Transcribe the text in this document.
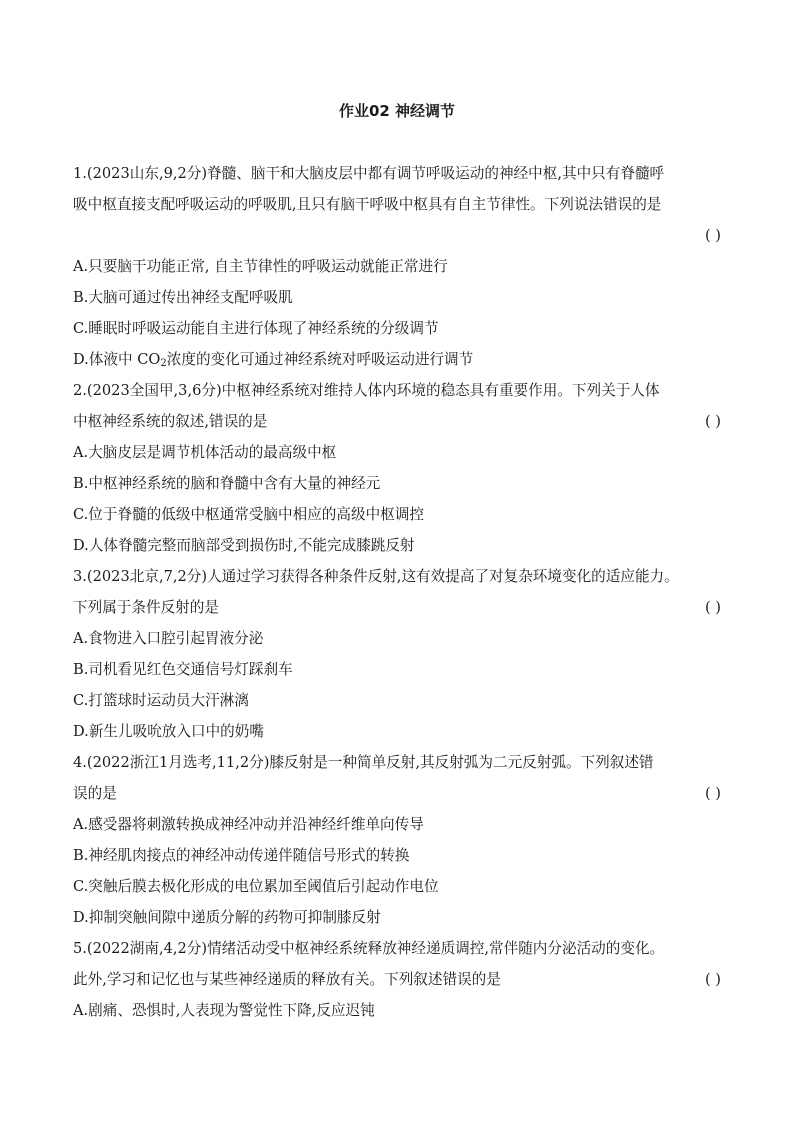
作业02 神经调节
1.(2023山东,9,2分)脊髓、脑干和大脑皮层中都有调节呼吸运动的神经中枢,其中只有脊髓呼
吸中枢直接支配呼吸运动的呼吸肌,且只有脑干呼吸中枢具有自主节律性。下列说法错误的是
( )
A.只要脑干功能正常, 自主节律性的呼吸运动就能正常进行
B.大脑可通过传出神经支配呼吸肌
C.睡眠时呼吸运动能自主进行体现了神经系统的分级调节
D.体液中 $CO_2$浓度的变化可通过神经系统对呼吸运动进行调节
2.(2023全国甲,3,6分)中枢神经系统对维持人体内环境的稳态具有重要作用。下列关于人体
中枢神经系统的叙述,错误的是	( )
A.大脑皮层是调节机体活动的最高级中枢
B.中枢神经系统的脑和脊髓中含有大量的神经元
C.位于脊髓的低级中枢通常受脑中相应的高级中枢调控
D.人体脊髓完整而脑部受到损伤时,不能完成膝跳反射
3.(2023北京,7,2分)人通过学习获得各种条件反射,这有效提高了对复杂环境变化的适应能力。
下列属于条件反射的是	( )
A.食物进入口腔引起胃液分泌
B.司机看见红色交通信号灯踩刹车
C.打篮球时运动员大汗淋漓
D.新生儿吸吮放入口中的奶嘴
4.(2022浙江1月选考,11,2分)膝反射是一种简单反射,其反射弧为二元反射弧。下列叙述错
误的是	( )
A.感受器将刺激转换成神经冲动并沿神经纤维单向传导
B.神经肌肉接点的神经冲动传递伴随信号形式的转换
C.突触后膜去极化形成的电位累加至阈值后引起动作电位
D.抑制突触间隙中递质分解的药物可抑制膝反射
5.(2022湖南,4,2分)情绪活动受中枢神经系统释放神经递质调控,常伴随内分泌活动的变化。
此外,学习和记忆也与某些神经递质的释放有关。下列叙述错误的是	( )
A.剧痛、恐惧时,人表现为警觉性下降,反应迟钝
